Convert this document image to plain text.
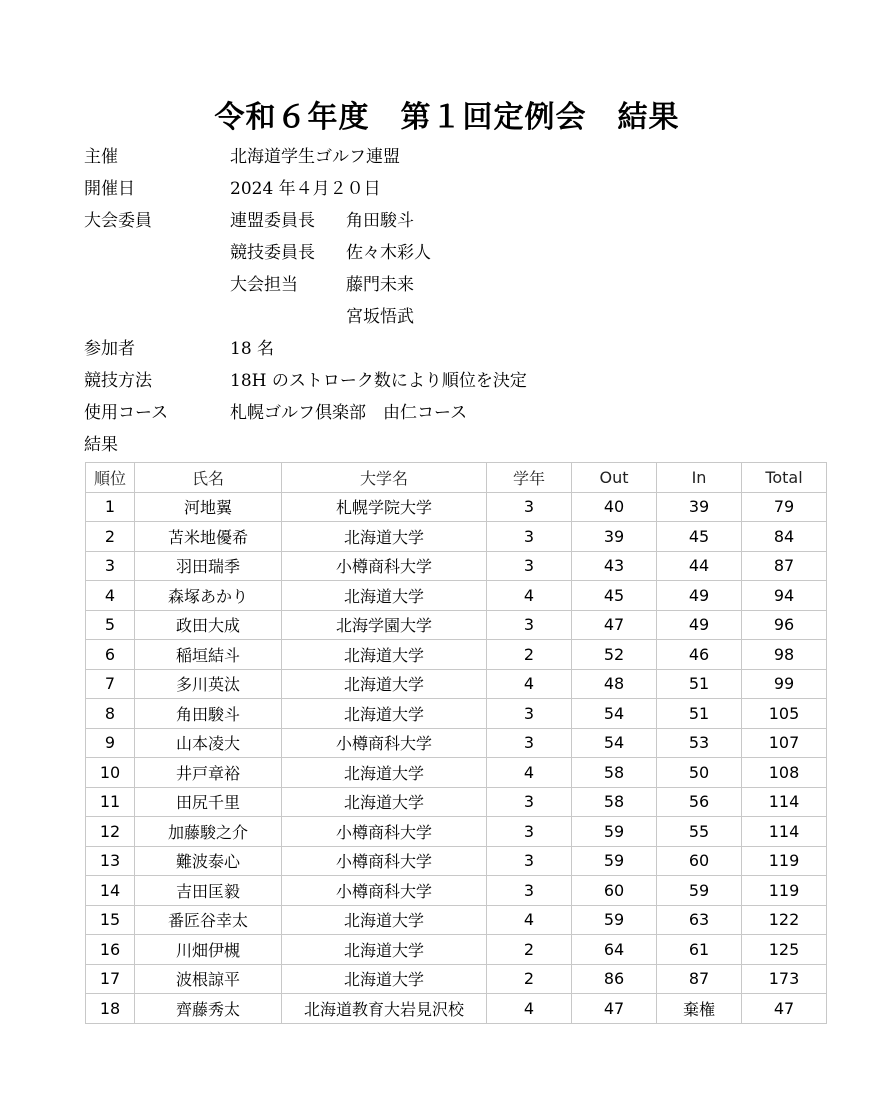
令和６年度　第１回定例会　結果
主催	北海道学生ゴルフ連盟
開催日	2024 年４月２０日
大会委員	連盟委員長 角田駿斗
競技委員長 佐々木彩人
大会担当	藤門未来
宮坂悟武
参加者	18 名
競技方法	18H のストローク数により順位を決定
使用コース	札幌ゴルフ倶楽部　由仁コース
結果
順位	氏名	大学名	学年	Out	In	Total
1	河地翼	札幌学院大学	3	40	39	79
2	苫米地優希	北海道大学	3	39	45	84
3	羽田瑞季	小樽商科大学	3	43	44	87
4	森塚あかり	北海道大学	4	45	49	94
5	政田大成	北海学園大学	3	47	49	96
6	稲垣結斗	北海道大学	2	52	46	98
7	多川英汰	北海道大学	4	48	51	99
8	角田駿斗	北海道大学	3	54	51	105
9	山本凌大	小樽商科大学	3	54	53	107
10	井戸章裕	北海道大学	4	58	50	108
11	田尻千里	北海道大学	3	58	56	114
12	加藤駿之介	小樽商科大学	3	59	55	114
13	難波泰心	小樽商科大学	3	59	60	119
14	吉田匡毅	小樽商科大学	3	60	59	119
15	番匠谷幸太	北海道大学	4	59	63	122
16	川畑伊槻	北海道大学	2	64	61	125
17	波根諒平	北海道大学	2	86	87	173
18	齊藤秀太	北海道教育大岩見沢校	4	47	棄権	47
